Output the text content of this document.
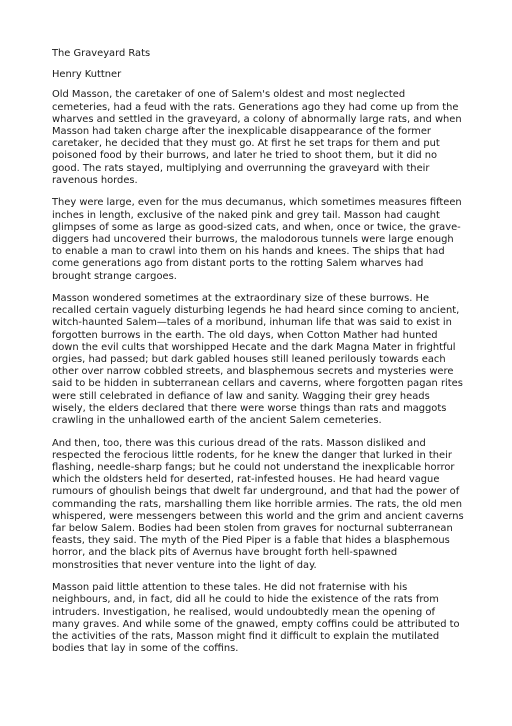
The Graveyard Rats

Henry Kuttner

Old Masson, the caretaker of one of Salem's oldest and most neglected cemeteries, had a feud with the rats. Generations ago they had come up from the wharves and settled in the graveyard, a colony of abnormally large rats, and when Masson had taken charge after the inexplicable disappearance of the former caretaker, he decided that they must go. At first he set traps for them and put poisoned food by their burrows, and later he tried to shoot them, but it did no good. The rats stayed, multiplying and overrunning the graveyard with their ravenous hordes.

They were large, even for the mus decumanus, which sometimes measures fifteen inches in length, exclusive of the naked pink and grey tail. Masson had caught glimpses of some as large as good-sized cats, and when, once or twice, the grave-diggers had uncovered their burrows, the malodorous tunnels were large enough to enable a man to crawl into them on his hands and knees. The ships that had come generations ago from distant ports to the rotting Salem wharves had brought strange cargoes.

Masson wondered sometimes at the extraordinary size of these burrows. He recalled certain vaguely disturbing legends he had heard since coming to ancient, witch-haunted Salem—tales of a moribund, inhuman life that was said to exist in forgotten burrows in the earth. The old days, when Cotton Mather had hunted down the evil cults that worshipped Hecate and the dark Magna Mater in frightful orgies, had passed; but dark gabled houses still leaned perilously towards each other over narrow cobbled streets, and blasphemous secrets and mysteries were said to be hidden in subterranean cellars and caverns, where forgotten pagan rites were still celebrated in defiance of law and sanity. Wagging their grey heads wisely, the elders declared that there were worse things than rats and maggots crawling in the unhallowed earth of the ancient Salem cemeteries.

And then, too, there was this curious dread of the rats. Masson disliked and respected the ferocious little rodents, for he knew the danger that lurked in their flashing, needle-sharp fangs; but he could not understand the inexplicable horror which the oldsters held for deserted, rat-infested houses. He had heard vague rumours of ghoulish beings that dwelt far underground, and that had the power of commanding the rats, marshalling them like horrible armies. The rats, the old men whispered, were messengers between this world and the grim and ancient caverns far below Salem. Bodies had been stolen from graves for nocturnal subterranean feasts, they said. The myth of the Pied Piper is a fable that hides a blasphemous horror, and the black pits of Avernus have brought forth hell-spawned monstrosities that never venture into the light of day.

Masson paid little attention to these tales. He did not fraternise with his neighbours, and, in fact, did all he could to hide the existence of the rats from intruders. Investigation, he realised, would undoubtedly mean the opening of many graves. And while some of the gnawed, empty coffins could be attributed to the activities of the rats, Masson might find it difficult to explain the mutilated bodies that lay in some of the coffins.
